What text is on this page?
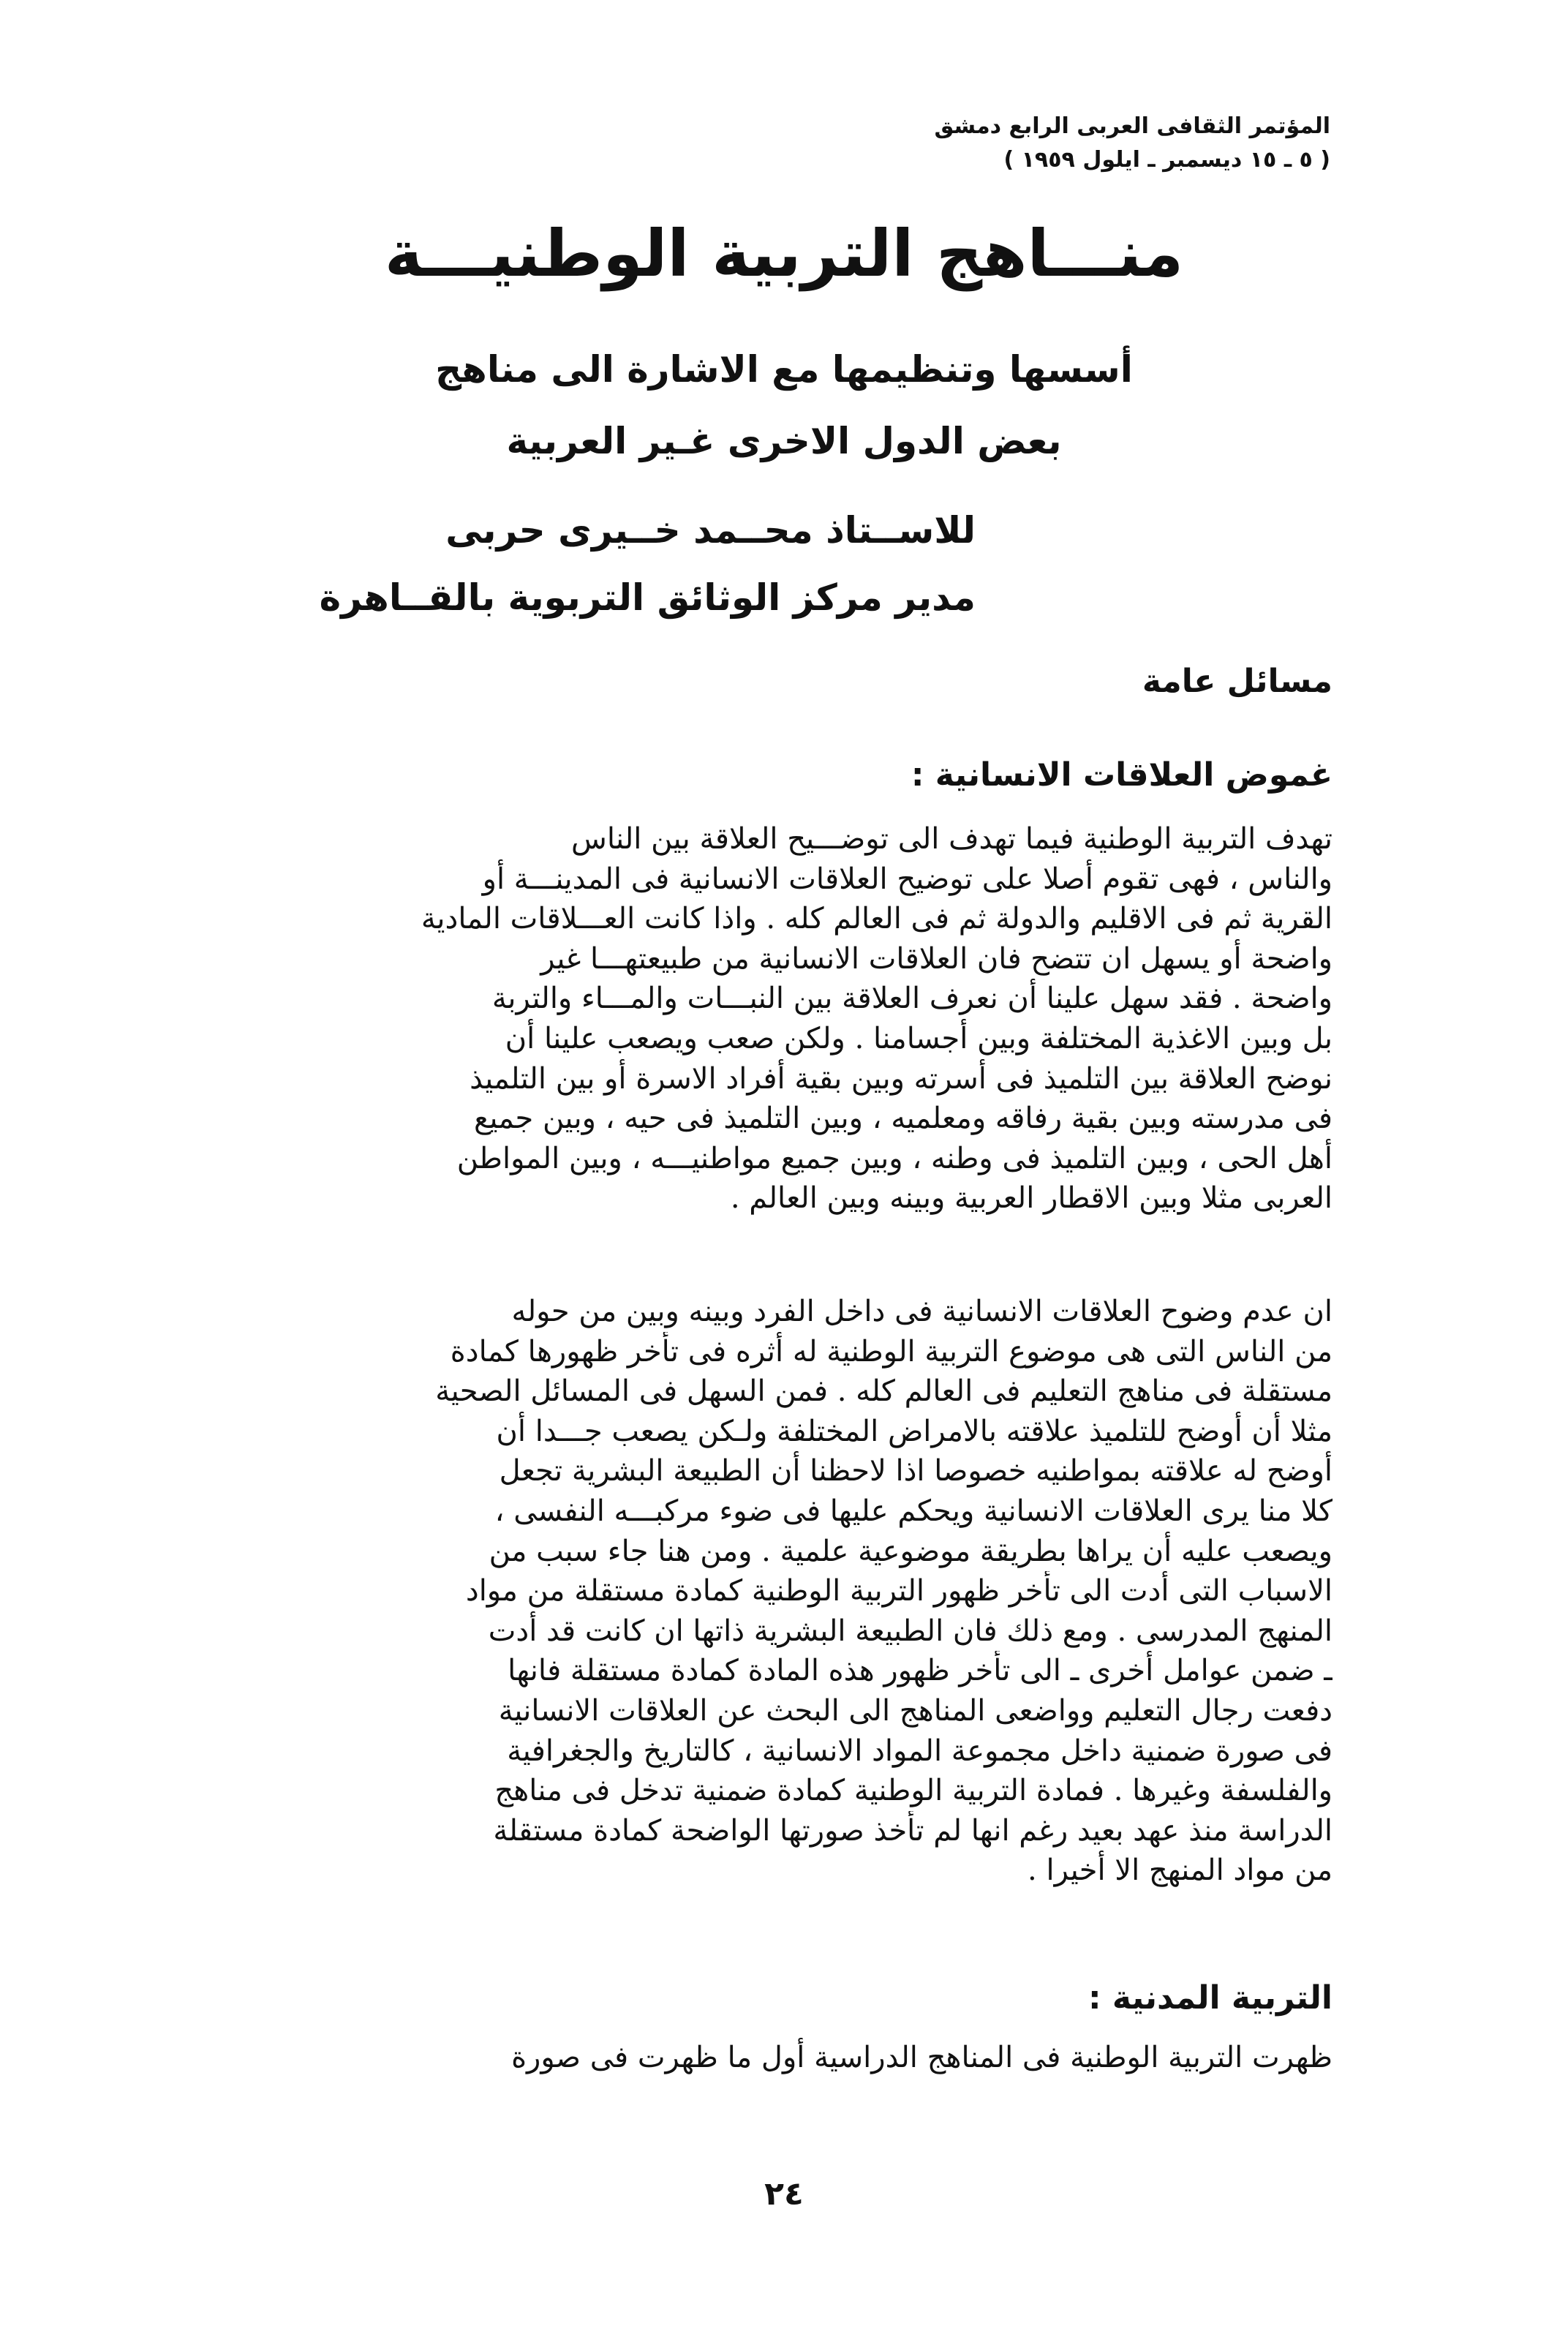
المؤتمر الثقافى العربى الرابع دمشق
( ٥ ـ ١٥ ديسمبر ـ ايلول ١٩٥٩ )
منـــاهج التربية الوطنيـــة
أسسها وتنظيمها مع الاشارة الى مناهج
بعض الدول الاخرى غـير العربية
للاســتاذ محــمد خــيرى حربى
مدير مركز الوثائق التربوية بالقــاهرة
مسائل عامة
غموض العلاقات الانسانية :
تهدف التربية الوطنية فيما تهدف الى توضـــيح العلاقة بين الناس
والناس ، فهى تقوم أصلا على توضيح العلاقات الانسانية فى المدينـــة أو
القرية ثم فى الاقليم والدولة ثم فى العالم كله . واذا كانت العـــلاقات المادية
واضحة أو يسهل ان تتضح فان العلاقات الانسانية من طبيعتهـــا غير
واضحة . فقد سهل علينا أن نعرف العلاقة بين النبـــات والمـــاء والتربة
بل وبين الاغذية المختلفة وبين أجسامنا . ولكن صعب ويصعب علينا أن
نوضح العلاقة بين التلميذ فى أسرته وبين بقية أفراد الاسرة أو بين التلميذ
فى مدرسته وبين بقية رفاقه ومعلميه ، وبين التلميذ فى حيه ، وبين جميع
أهل الحى ، وبين التلميذ فى وطنه ، وبين جميع مواطنيـــه ، وبين المواطن
العربى مثلا وبين الاقطار العربية وبينه وبين العالم .
ان عدم وضوح العلاقات الانسانية فى داخل الفرد وبينه وبين من حوله
من الناس التى هى موضوع التربية الوطنية له أثره فى تأخر ظهورها كمادة
مستقلة فى مناهج التعليم فى العالم كله . فمن السهل فى المسائل الصحية
مثلا أن أوضح للتلميذ علاقته بالامراض المختلفة ولـكن يصعب جـــدا أن
أوضح له علاقته بمواطنيه خصوصا اذا لاحظنا أن الطبيعة البشرية تجعل
كلا منا يرى العلاقات الانسانية ويحكم عليها فى ضوء مركبـــه النفسى ،
ويصعب عليه أن يراها بطريقة موضوعية علمية . ومن هنا جاء سبب من
الاسباب التى أدت الى تأخر ظهور التربية الوطنية كمادة مستقلة من مواد
المنهج المدرسى . ومع ذلك فان الطبيعة البشرية ذاتها ان كانت قد أدت
ـ ضمن عوامل أخرى ـ الى تأخر ظهور هذه المادة كمادة مستقلة فانها
دفعت رجال التعليم وواضعى المناهج الى البحث عن العلاقات الانسانية
فى صورة ضمنية داخل مجموعة المواد الانسانية ، كالتاريخ والجغرافية
والفلسفة وغيرها . فمادة التربية الوطنية كمادة ضمنية تدخل فى مناهج
الدراسة منذ عهد بعيد رغم انها لم تأخذ صورتها الواضحة كمادة مستقلة
من مواد المنهج الا أخيرا .
التربية المدنية :
ظهرت التربية الوطنية فى المناهج الدراسية أول ما ظهرت فى صورة
٢٤
